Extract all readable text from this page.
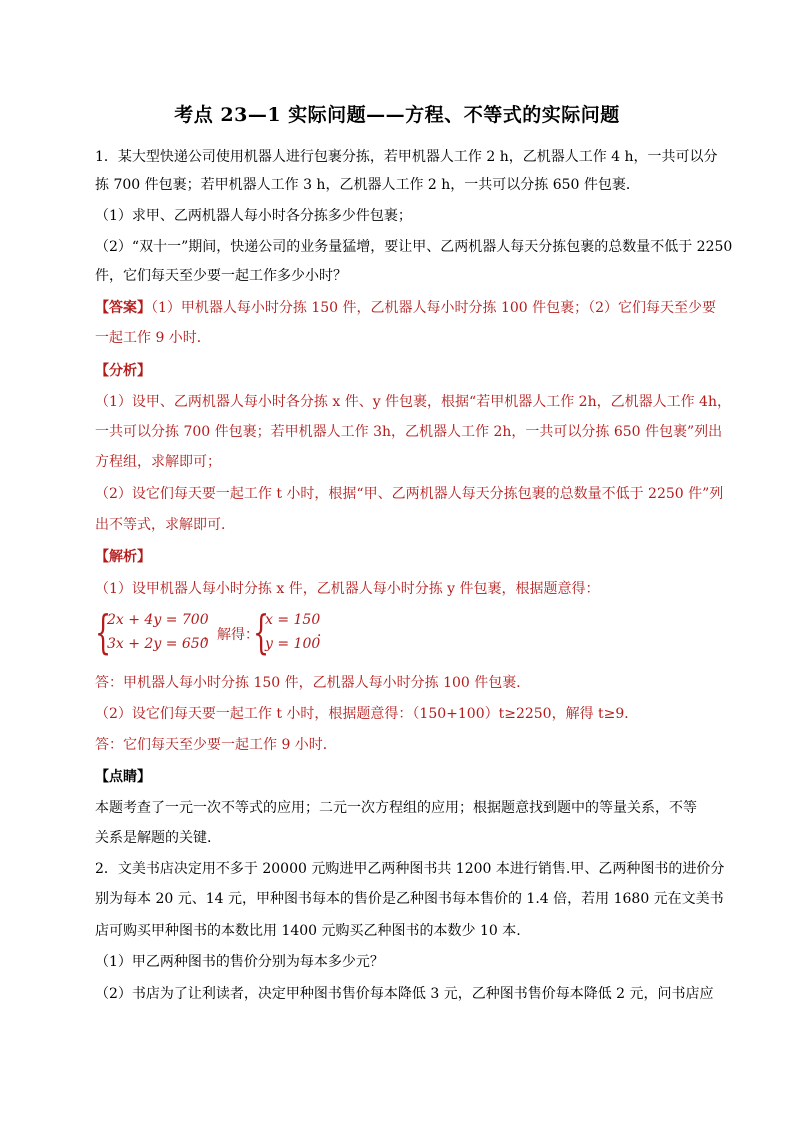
考点 23—1 实际问题——方程、不等式的实际问题
1．某大型快递公司使用机器人进行包裹分拣，若甲机器人工作 2 h，乙机器人工作 4 h，一共可以分
拣 700 件包裹；若甲机器人工作 3 h，乙机器人工作 2 h，一共可以分拣 650 件包裹．
（1）求甲、乙两机器人每小时各分拣多少件包裹；
（2）“双十一”期间，快递公司的业务量猛增，要让甲、乙两机器人每天分拣包裹的总数量不低于 2250
件，它们每天至少要一起工作多少小时？
【答案】（1）甲机器人每小时分拣 150 件，乙机器人每小时分拣 100 件包裹；（2）它们每天至少要
一起工作 9 小时．
【分析】
（1）设甲、乙两机器人每小时各分拣 x 件、y 件包裹，根据“若甲机器人工作 2h，乙机器人工作 4h，
一共可以分拣 700 件包裹；若甲机器人工作 3h，乙机器人工作 2h，一共可以分拣 650 件包裹”列出
方程组，求解即可；
（2）设它们每天要一起工作 t 小时，根据“甲、乙两机器人每天分拣包裹的总数量不低于 2250 件”列
出不等式，求解即可．
【解析】
（1）设甲机器人每小时分拣 x 件，乙机器人每小时分拣 y 件包裹，根据题意得：
{
2x + 4y = 700
3x + 2y = 650
，解得：
{
x = 150
y = 100
.
答：甲机器人每小时分拣 150 件，乙机器人每小时分拣 100 件包裹．
（2）设它们每天要一起工作 t 小时，根据题意得：（150+100）t≥2250，解得 t≥9．
答：它们每天至少要一起工作 9 小时．
【点睛】
本题考查了一元一次不等式的应用；二元一次方程组的应用；根据题意找到题中的等量关系，不等
关系是解题的关键.
2．文美书店决定用不多于 20000 元购进甲乙两种图书共 1200 本进行销售.甲、乙两种图书的进价分
别为每本 20 元、14 元，甲种图书每本的售价是乙种图书每本售价的 1.4 倍，若用 1680 元在文美书
店可购买甲种图书的本数比用 1400 元购买乙种图书的本数少 10 本.
（1）甲乙两种图书的售价分别为每本多少元？
（2）书店为了让利读者，决定甲种图书售价每本降低 3 元，乙种图书售价每本降低 2 元，问书店应
